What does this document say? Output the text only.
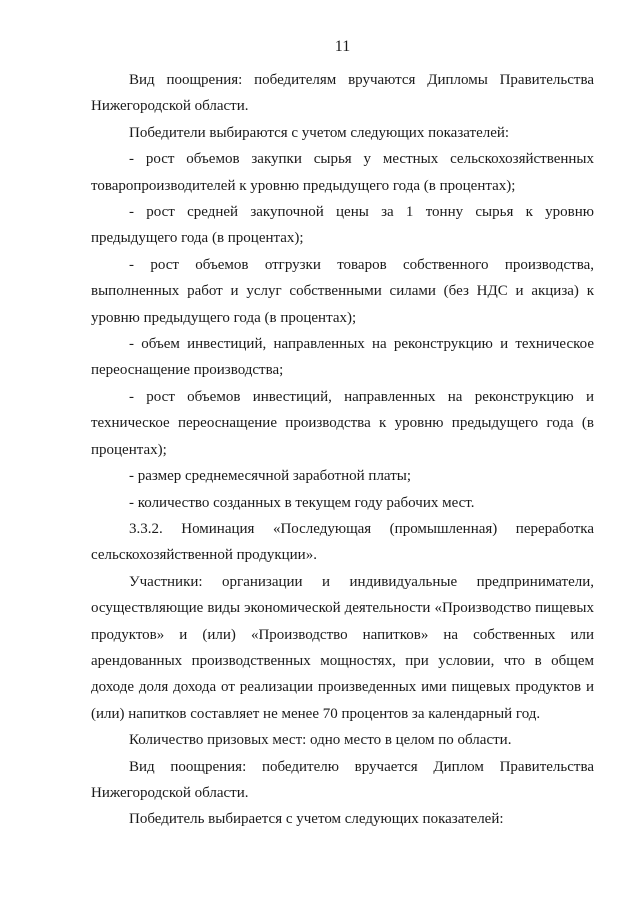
11

Вид поощрения: победителям вручаются Дипломы Правительства Нижегородской области.

Победители выбираются с учетом следующих показателей:

- рост объемов закупки сырья у местных сельскохозяйственных товаропроизводителей к уровню предыдущего года (в процентах);

- рост средней закупочной цены за 1 тонну сырья к уровню предыдущего года (в процентах);

- рост объемов отгрузки товаров собственного производства, выполненных работ и услуг собственными силами (без НДС и акциза) к уровню предыдущего года (в процентах);

- объем инвестиций, направленных на реконструкцию и техническое переоснащение производства;

- рост объемов инвестиций, направленных на реконструкцию и техническое переоснащение производства к уровню предыдущего года (в процентах);

- размер среднемесячной заработной платы;

- количество созданных в текущем году рабочих мест.

3.3.2. Номинация «Последующая (промышленная) переработка сельскохозяйственной продукции».

Участники: организации и индивидуальные предприниматели, осуществляющие виды экономической деятельности «Производство пищевых продуктов» и (или) «Производство напитков» на собственных или арендованных производственных мощностях, при условии, что в общем доходе доля дохода от реализации произведенных ими пищевых продуктов и (или) напитков составляет не менее 70 процентов за календарный год.

Количество призовых мест: одно место в целом по области.

Вид поощрения: победителю вручается Диплом Правительства Нижегородской области.

Победитель выбирается с учетом следующих показателей:
